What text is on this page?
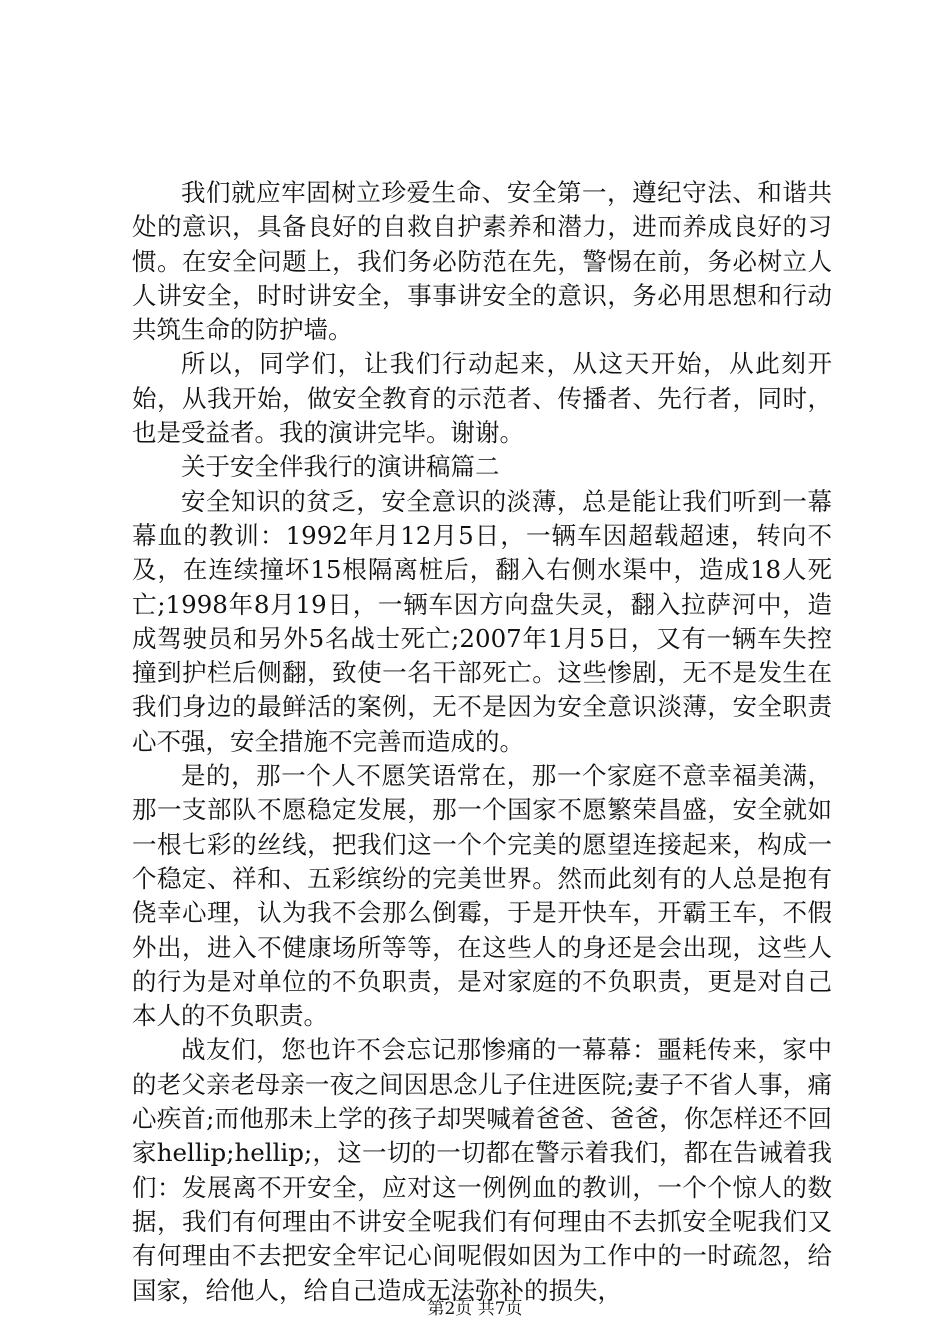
我们就应牢固树立珍爱生命、安全第一，遵纪守法、和谐共处的意识，具备良好的自救自护素养和潜力，进而养成良好的习惯。在安全问题上，我们务必防范在先，警惕在前，务必树立人人讲安全，时时讲安全，事事讲安全的意识，务必用思想和行动共筑生命的防护墙。

所以，同学们，让我们行动起来，从这天开始，从此刻开始，从我开始，做安全教育的示范者、传播者、先行者，同时，也是受益者。我的演讲完毕。谢谢。

关于安全伴我行的演讲稿篇二

安全知识的贫乏，安全意识的淡薄，总是能让我们听到一幕幕血的教训：1992年月12月5日，一辆车因超载超速，转向不及，在连续撞坏15根隔离桩后，翻入右侧水渠中，造成18人死亡;1998年8月19日，一辆车因方向盘失灵，翻入拉萨河中，造成驾驶员和另外5名战士死亡;2007年1月5日，又有一辆车失控撞到护栏后侧翻，致使一名干部死亡。这些惨剧，无不是发生在我们身边的最鲜活的案例，无不是因为安全意识淡薄，安全职责心不强，安全措施不完善而造成的。

是的，那一个人不愿笑语常在，那一个家庭不意幸福美满，那一支部队不愿稳定发展，那一个国家不愿繁荣昌盛，安全就如一根七彩的丝线，把我们这一个个完美的愿望连接起来，构成一个稳定、祥和、五彩缤纷的完美世界。然而此刻有的人总是抱有侥幸心理，认为我不会那么倒霉，于是开快车，开霸王车，不假外出，进入不健康场所等等，在这些人的身还是会出现，这些人的行为是对单位的不负职责，是对家庭的不负职责，更是对自己本人的不负职责。

战友们，您也许不会忘记那惨痛的一幕幕：噩耗传来，家中的老父亲老母亲一夜之间因思念儿子住进医院;妻子不省人事，痛心疾首;而他那未上学的孩子却哭喊着爸爸、爸爸，你怎样还不回家hellip;hellip;，这一切的一切都在警示着我们，都在告诫着我们：发展离不开安全，应对这一例例血的教训，一个个惊人的数据，我们有何理由不讲安全呢我们有何理由不去抓安全呢我们又有何理由不去把安全牢记心间呢假如因为工作中的一时疏忽，给国家，给他人，给自己造成无法弥补的损失，

第2页 共7页
